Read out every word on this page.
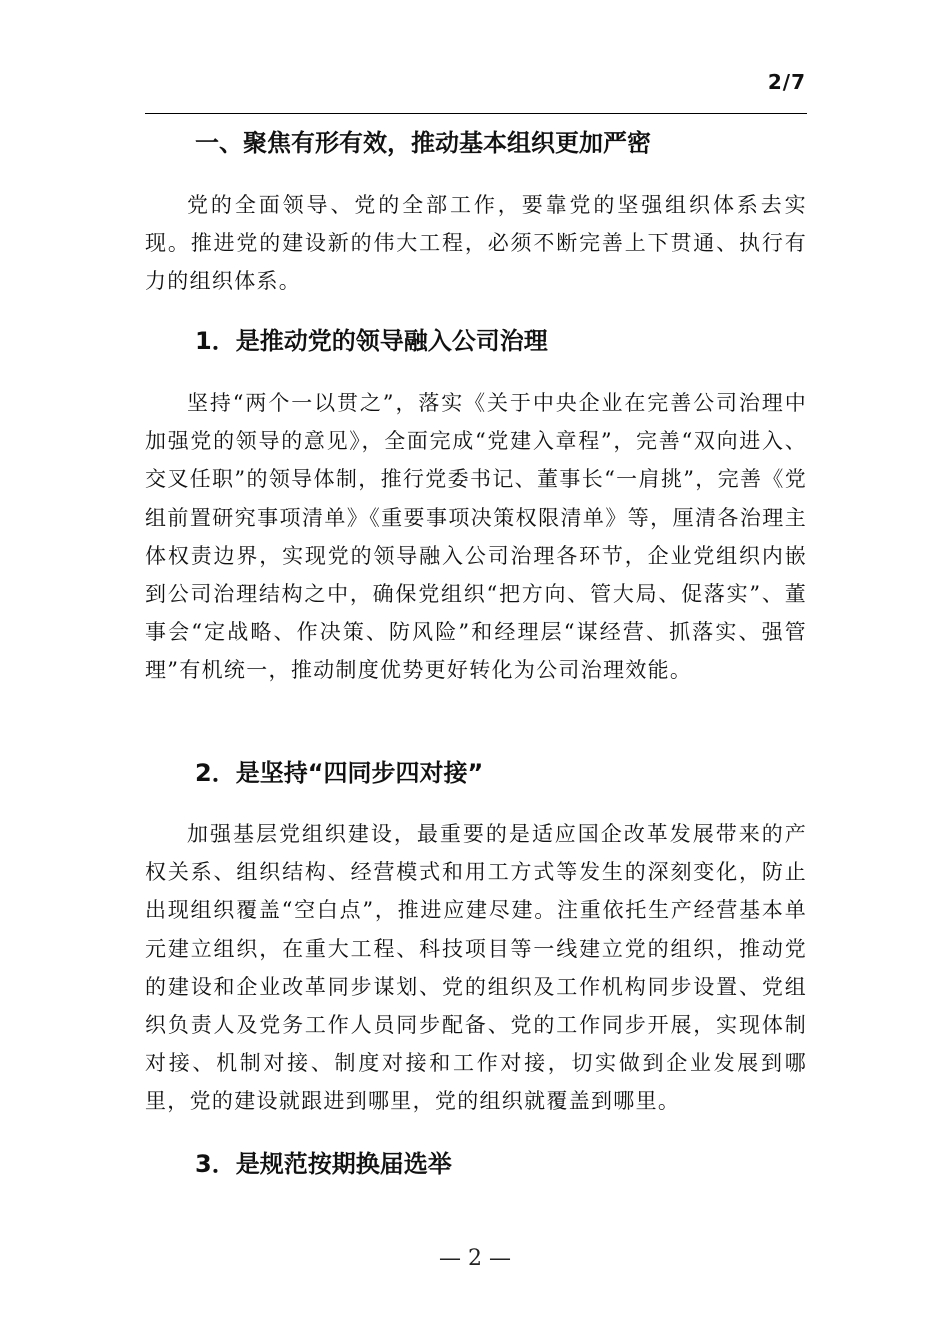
2/7
一、聚焦有形有效，推动基本组织更加严密

党的全面领导、党的全部工作，要靠党的坚强组织体系去实现。推进党的建设新的伟大工程，必须不断完善上下贯通、执行有力的组织体系。

1．是推动党的领导融入公司治理

坚持“两个一以贯之”，落实《关于中央企业在完善公司治理中加强党的领导的意见》，全面完成“党建入章程”，完善“双向进入、交叉任职”的领导体制，推行党委书记、董事长“一肩挑”，完善《党组前置研究事项清单》《重要事项决策权限清单》等，厘清各治理主体权责边界，实现党的领导融入公司治理各环节，企业党组织内嵌到公司治理结构之中，确保党组织“把方向、管大局、促落实”、董事会“定战略、作决策、防风险”和经理层“谋经营、抓落实、强管理”有机统一，推动制度优势更好转化为公司治理效能。

2．是坚持“四同步四对接”

加强基层党组织建设，最重要的是适应国企改革发展带来的产权关系、组织结构、经营模式和用工方式等发生的深刻变化，防止出现组织覆盖“空白点”，推进应建尽建。注重依托生产经营基本单元建立组织，在重大工程、科技项目等一线建立党的组织，推动党的建设和企业改革同步谋划、党的组织及工作机构同步设置、党组织负责人及党务工作人员同步配备、党的工作同步开展，实现体制对接、机制对接、制度对接和工作对接，切实做到企业发展到哪里，党的建设就跟进到哪里，党的组织就覆盖到哪里。

3．是规范按期换届选举
— 2 —
